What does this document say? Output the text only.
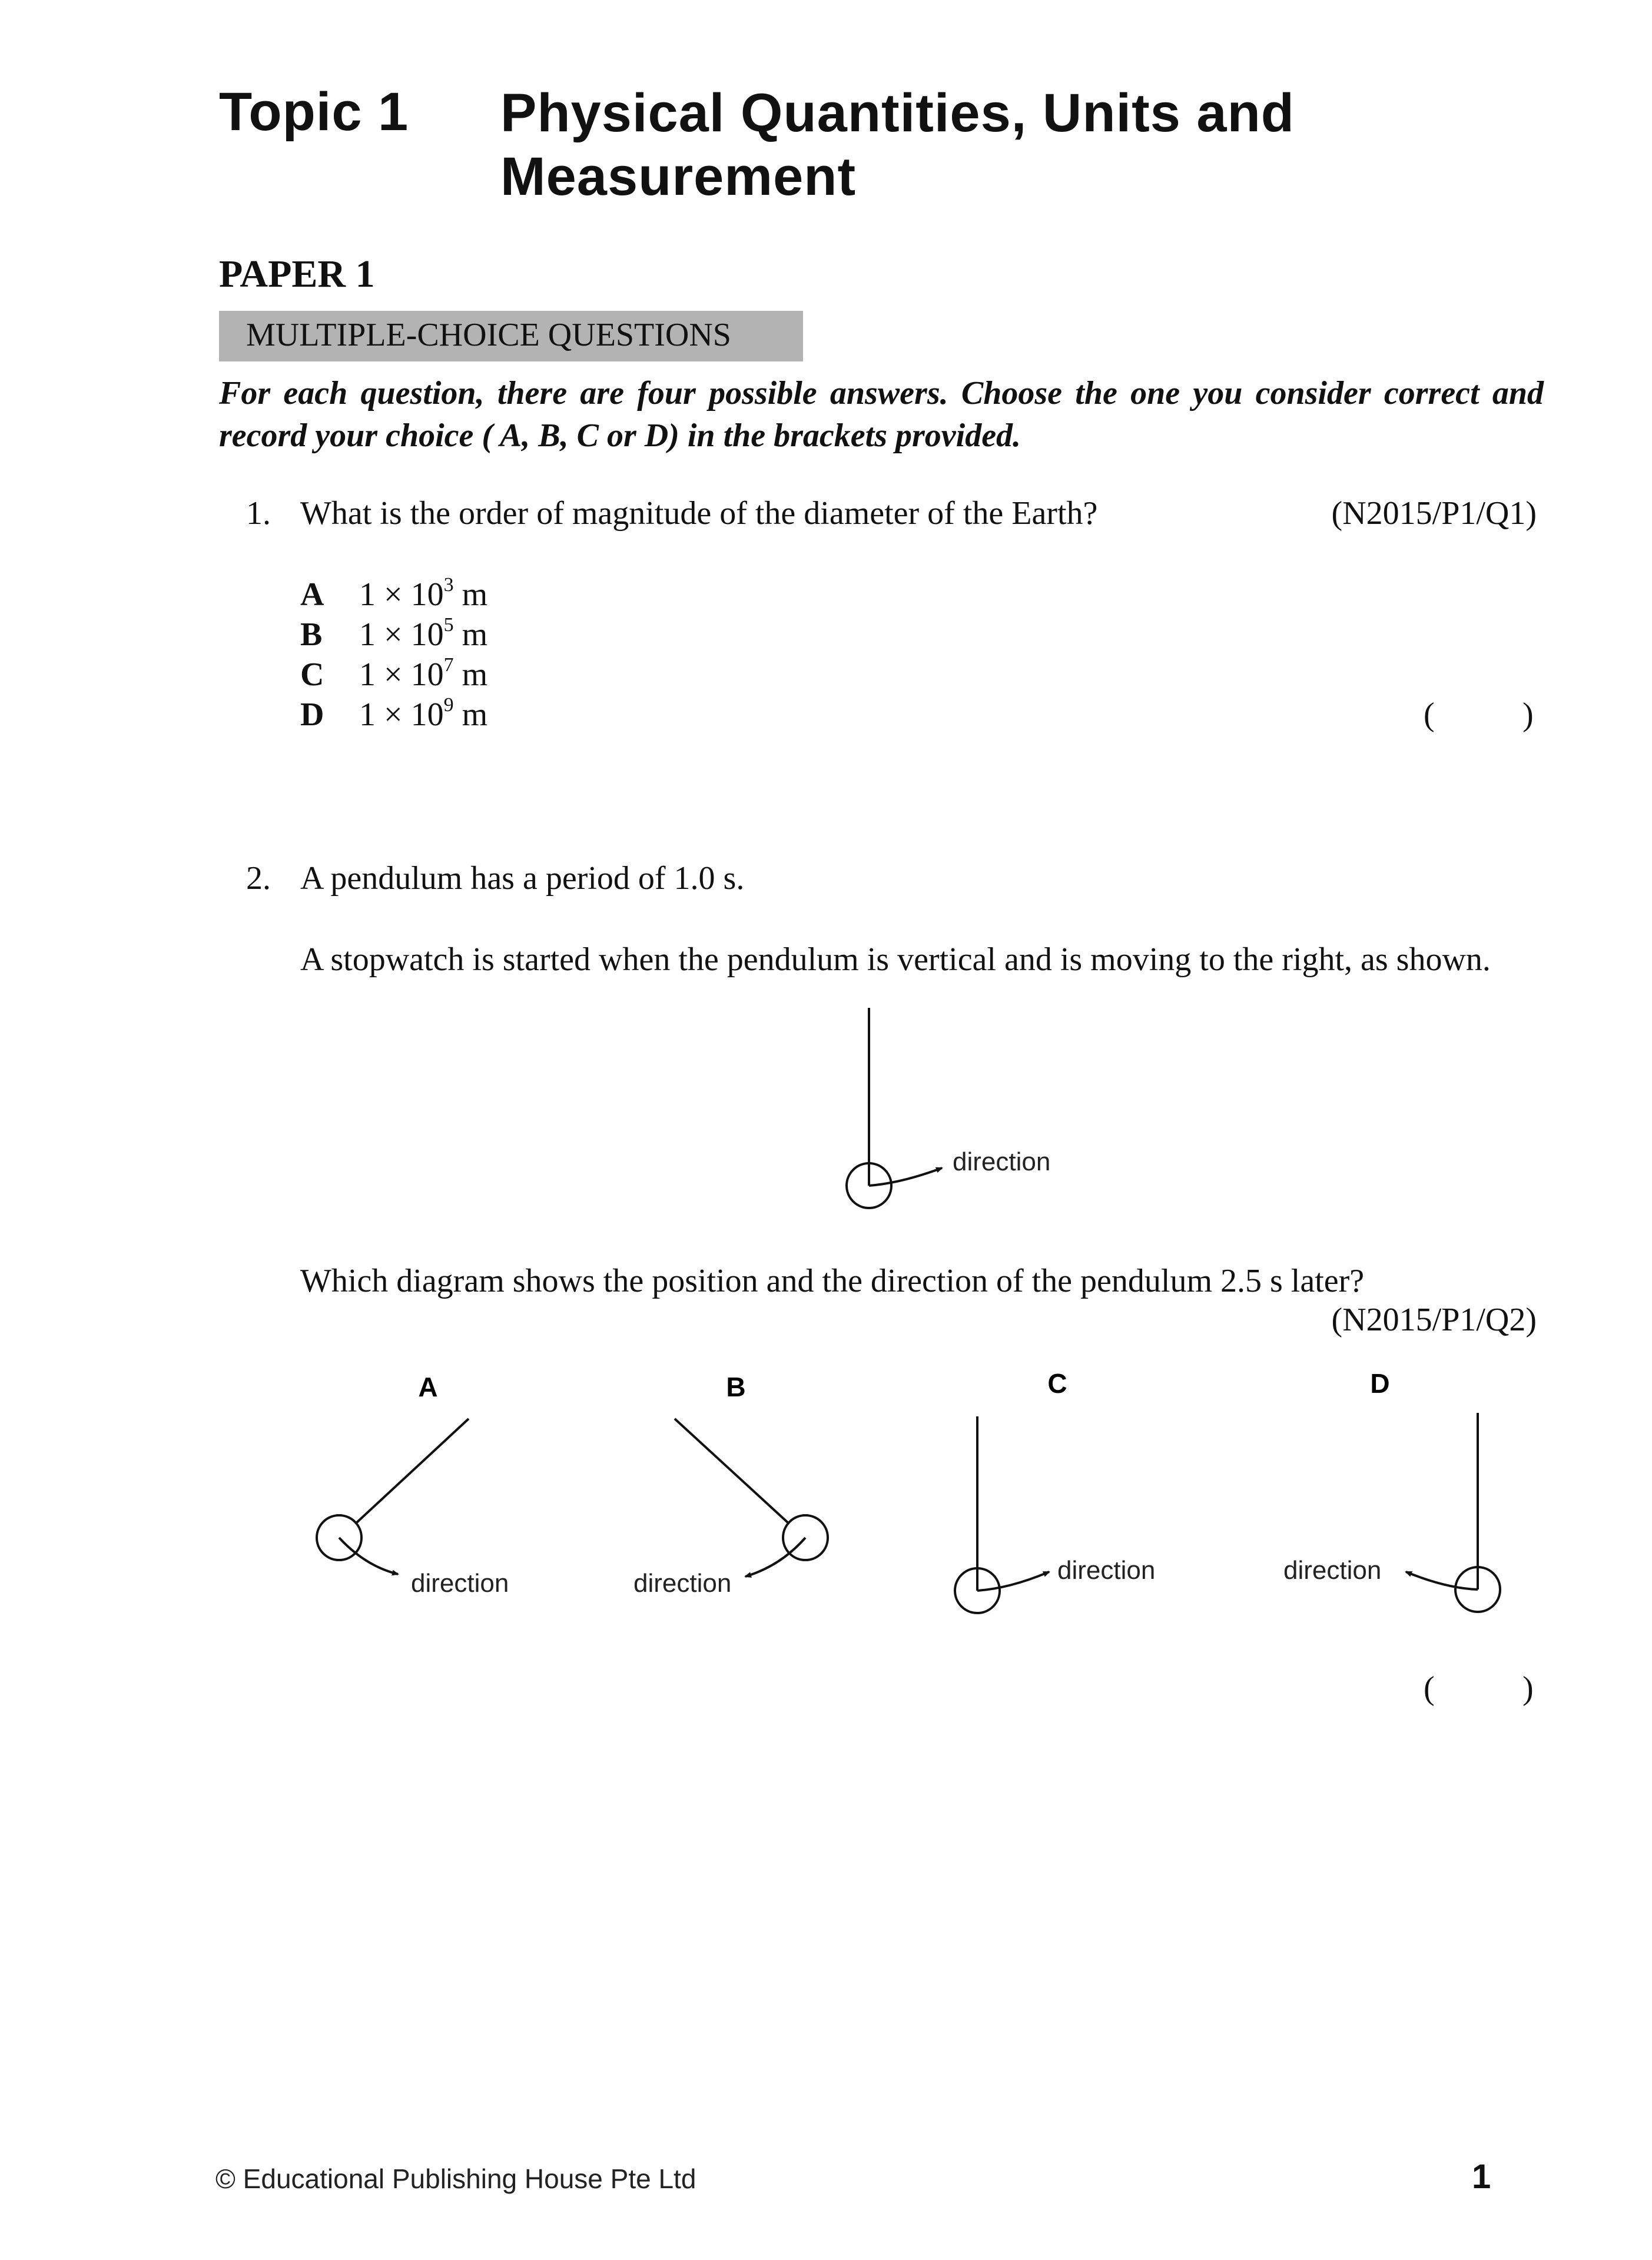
Topic 1 Physical Quantities, Units and Measurement
PAPER 1
MULTIPLE-CHOICE QUESTIONS
For each question, there are four possible answers. Choose the one you consider correct and
record your choice ( A, B, C or D) in the brackets provided.
1. What is the order of magnitude of the diameter of the Earth?	(N2015/P1/Q1)
A $1 \times 10^3$ m
B $1 \times 10^5$ m
C $1 \times 10^7$ m
D $1 \times 10^9$ m	(	)
2. A pendulum has a period of 1.0 s.
A stopwatch is started when the pendulum is vertical and is moving to the right, as shown.
direction
Which diagram shows the position and the direction of the pendulum 2.5 s later?
(N2015/P1/Q2)
A
direction
B
direction
C
direction
D
direction
(	)
© Educational Publishing House Pte Ltd	1
